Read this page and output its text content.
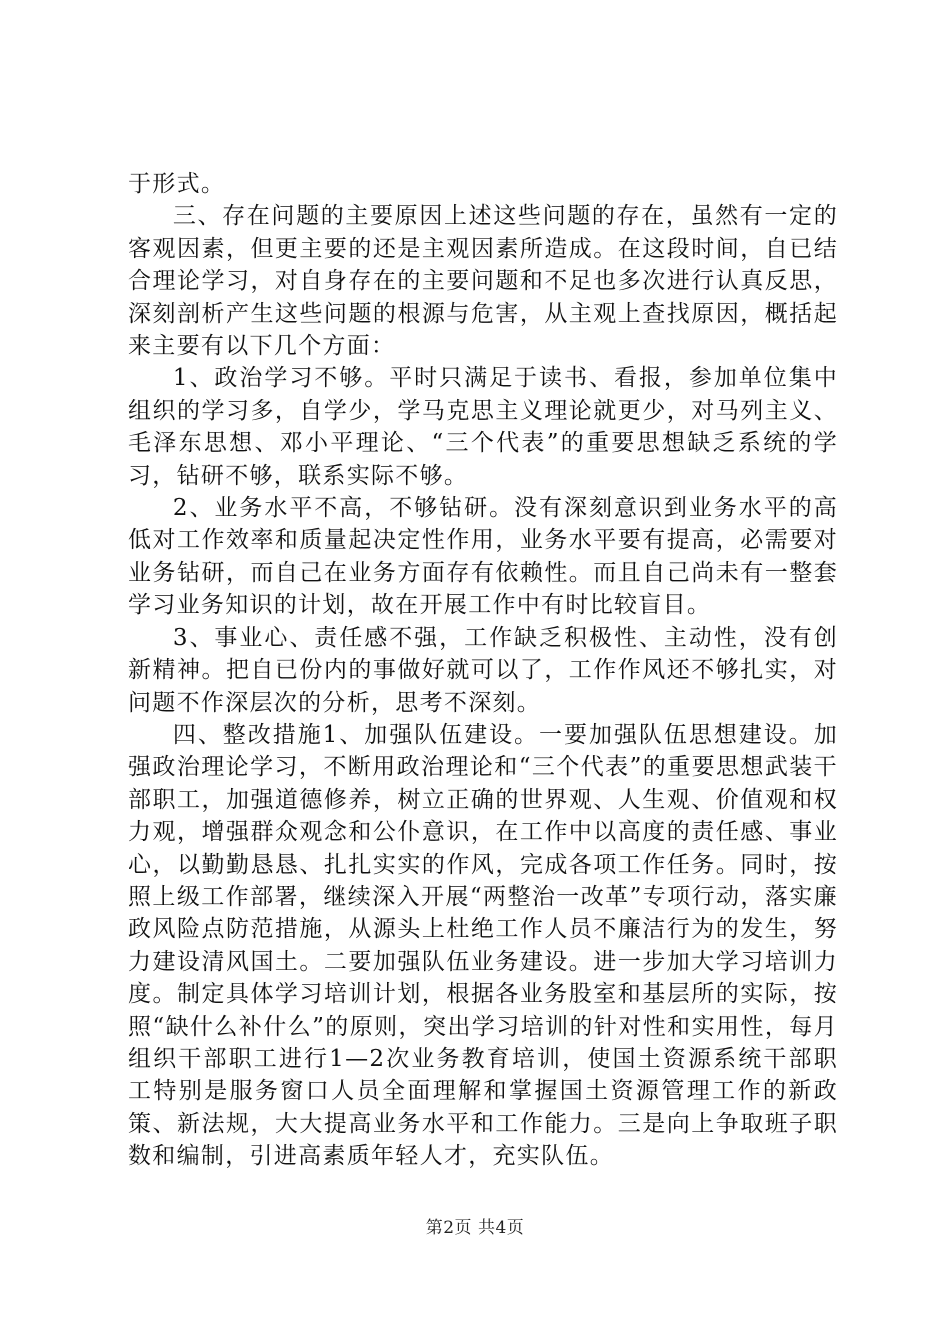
于形式。

三、存在问题的主要原因上述这些问题的存在，虽然有一定的客观因素，但更主要的还是主观因素所造成。在这段时间，自已结合理论学习，对自身存在的主要问题和不足也多次进行认真反思，深刻剖析产生这些问题的根源与危害，从主观上查找原因，概括起来主要有以下几个方面：

1、政治学习不够。平时只满足于读书、看报，参加单位集中组织的学习多，自学少，学马克思主义理论就更少，对马列主义、毛泽东思想、邓小平理论、“三个代表”的重要思想缺乏系统的学习，钻研不够，联系实际不够。

2、业务水平不高，不够钻研。没有深刻意识到业务水平的高低对工作效率和质量起决定性作用，业务水平要有提高，必需要对业务钻研，而自己在业务方面存有依赖性。而且自己尚未有一整套学习业务知识的计划，故在开展工作中有时比较盲目。

3、事业心、责任感不强，工作缺乏积极性、主动性，没有创新精神。把自已份内的事做好就可以了，工作作风还不够扎实，对问题不作深层次的分析，思考不深刻。

四、整改措施1、加强队伍建设。一要加强队伍思想建设。加强政治理论学习，不断用政治理论和“三个代表”的重要思想武装干部职工，加强道德修养，树立正确的世界观、人生观、价值观和权力观，增强群众观念和公仆意识，在工作中以高度的责任感、事业心，以勤勤恳恳、扎扎实实的作风，完成各项工作任务。同时，按照上级工作部署，继续深入开展“两整治一改革”专项行动，落实廉政风险点防范措施，从源头上杜绝工作人员不廉洁行为的发生，努力建设清风国土。二要加强队伍业务建设。进一步加大学习培训力度。制定具体学习培训计划，根据各业务股室和基层所的实际，按照“缺什么补什么”的原则，突出学习培训的针对性和实用性，每月组织干部职工进行1—2次业务教育培训，使国土资源系统干部职工特别是服务窗口人员全面理解和掌握国土资源管理工作的新政策、新法规，大大提高业务水平和工作能力。三是向上争取班子职数和编制，引进高素质年轻人才，充实队伍。

第2页 共4页
